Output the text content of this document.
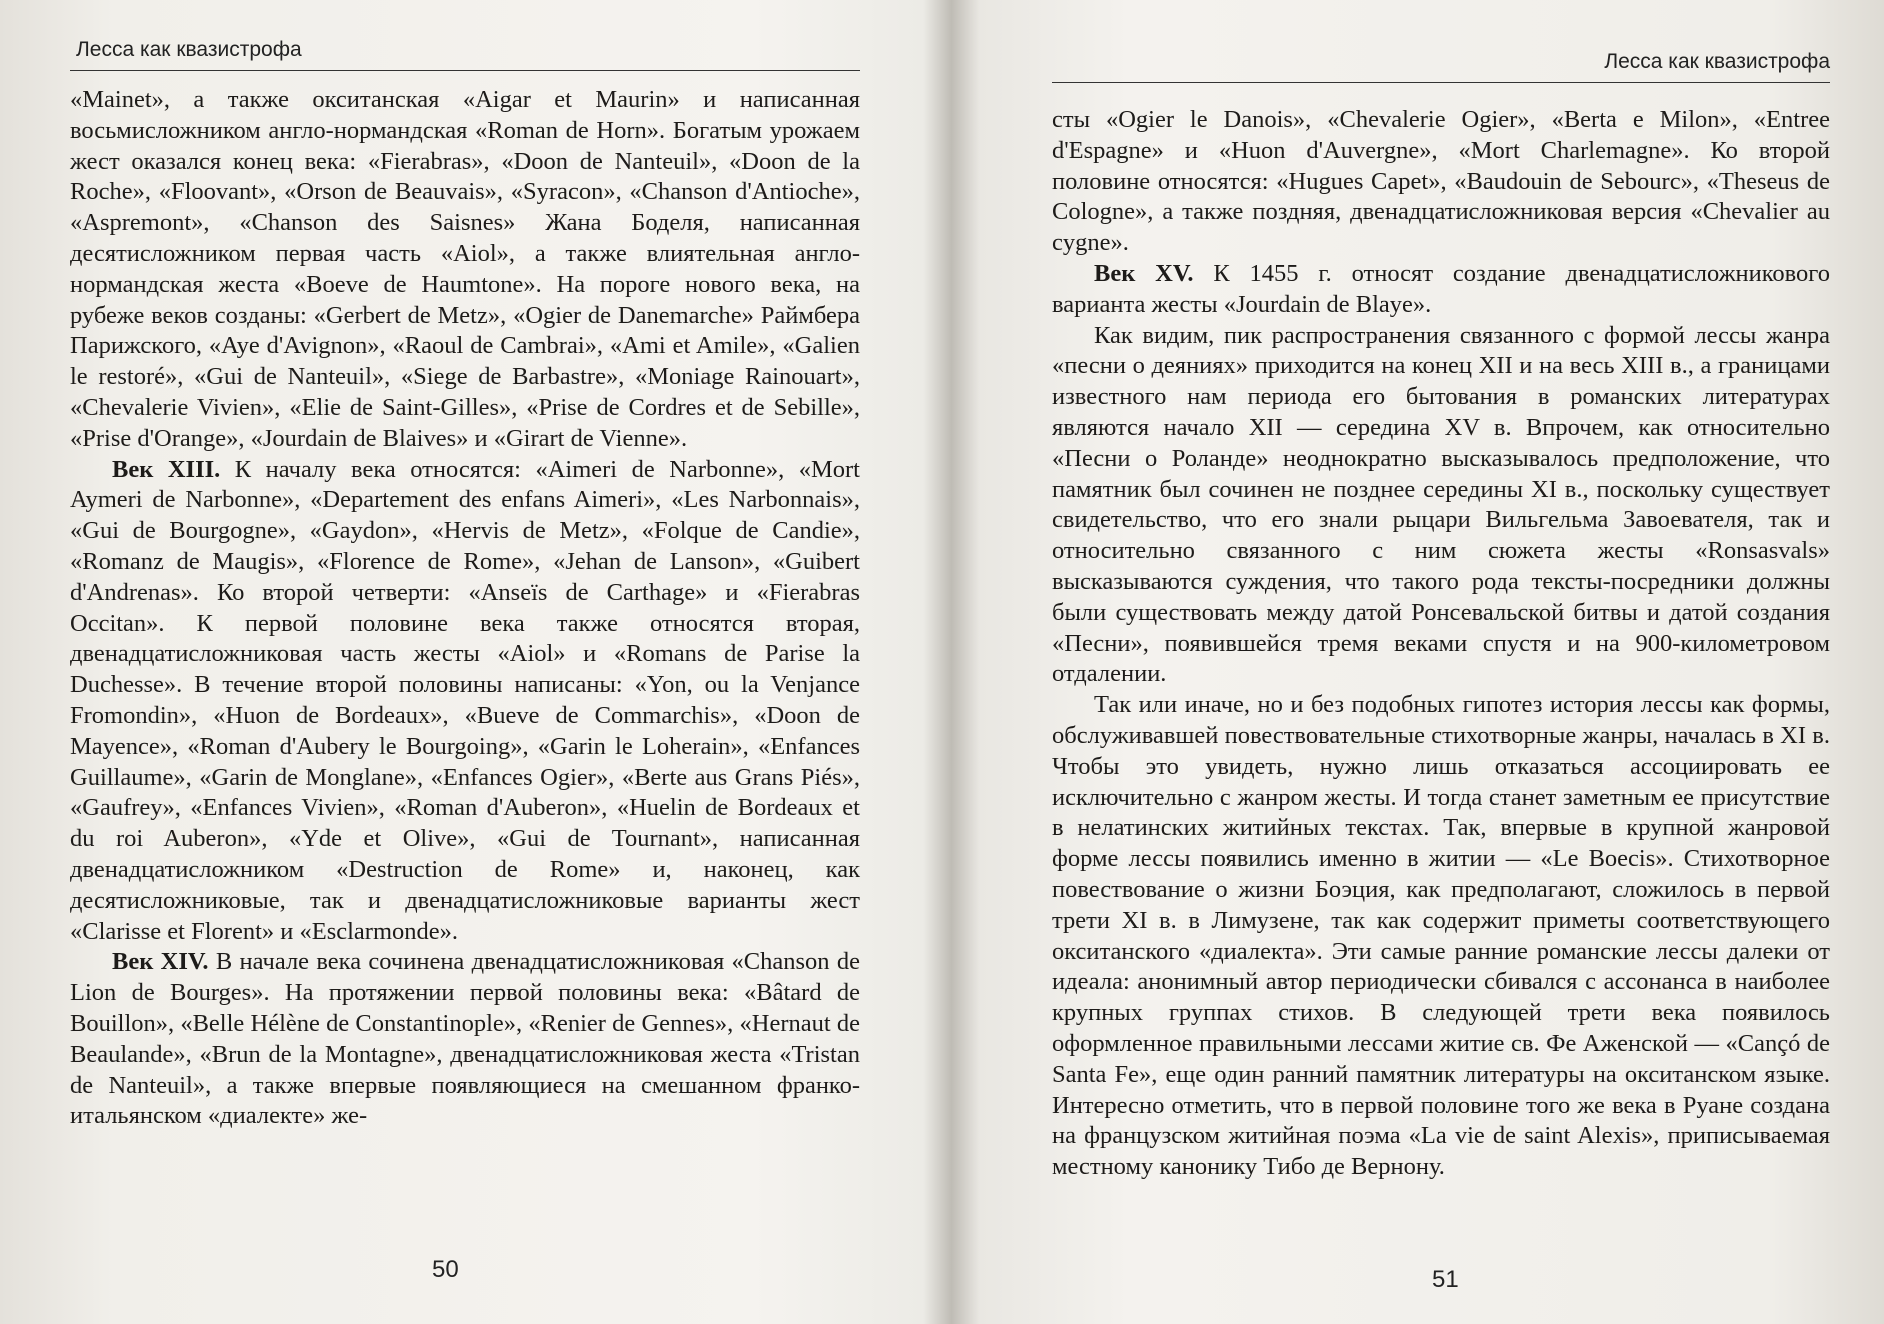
Лесса как квазистрофа

«Mainet», а также окситанская «Aigar et Maurin» и написанная восьмисложником англо-нормандская «Roman de Horn». Богатым урожаем жест оказался конец века: «Fierabras», «Doon de Nanteuil», «Doon de la Roche», «Floovant», «Orson de Beauvais», «Syracon», «Chanson d'Antioche», «Aspremont», «Chanson des Saisnes» Жана Боделя, написанная десятисложником первая часть «Aiol», а также влиятельная англо-нормандская жеста «Boeve de Haumtone». На пороге нового века, на рубеже веков созданы: «Gerbert de Metz», «Ogier de Danemarche» Раймбера Парижского, «Aye d'Avignon», «Raoul de Cambrai», «Ami et Amile», «Galien le restoré», «Gui de Nanteuil», «Siege de Barbastre», «Moniage Rainouart», «Chevalerie Vivien», «Elie de Saint-Gilles», «Prise de Cordres et de Sebille», «Prise d'Orange», «Jourdain de Blaives» и «Girart de Vienne».

Век XIII. К началу века относятся: «Aimeri de Narbonne», «Mort Aymeri de Narbonne», «Departement des enfans Aimeri», «Les Narbonnais», «Gui de Bourgogne», «Gaydon», «Hervis de Metz», «Folque de Candie», «Romanz de Maugis», «Florence de Rome», «Jehan de Lanson», «Guibert d'Andrenas». Ко второй четверти: «Anseïs de Carthage» и «Fierabras Occitan». К первой половине века также относятся вторая, двенадцатисложниковая часть жесты «Aiol» и «Romans de Parise la Duchesse». В течение второй половины написаны: «Yon, ou la Venjance Fromondin», «Huon de Bordeaux», «Bueve de Commarchis», «Doon de Mayence», «Roman d'Aubery le Bourgoing», «Garin le Loherain», «Enfances Guillaume», «Garin de Monglane», «Enfances Ogier», «Berte aus Grans Piés», «Gaufrey», «Enfances Vivien», «Roman d'Auberon», «Huelin de Bordeaux et du roi Auberon», «Yde et Olive», «Gui de Tournant», написанная двенадцатисложником «Destruction de Rome» и, наконец, как десятисложниковые, так и двенадцатисложниковые варианты жест «Clarisse et Florent» и «Esclarmonde».

Век XIV. В начале века сочинена двенадцатисложниковая «Chanson de Lion de Bourges». На протяжении первой половины века: «Bâtard de Bouillon», «Belle Hélène de Constantinople», «Renier de Gennes», «Hernaut de Beaulande», «Brun de la Montagne», двенадцатисложниковая жеста «Tristan de Nanteuil», а также впервые появляющиеся на смешанном франко-итальянском «диалекте» же-

50
Лесса как квазистрофа

сты «Ogier le Danois», «Chevalerie Ogier», «Berta e Milon», «Entree d'Espagne» и «Huon d'Auvergne», «Mort Charlemagne». Ко второй половине относятся: «Hugues Capet», «Baudouin de Sebourc», «Theseus de Cologne», а также поздняя, двенадцатисложниковая версия «Chevalier au cygne».

Век XV. К 1455 г. относят создание двенадцатисложникового варианта жесты «Jourdain de Blaye».

Как видим, пик распространения связанного с формой лессы жанра «песни о деяниях» приходится на конец XII и на весь XIII в., а границами известного нам периода его бытования в романских литературах являются начало XII — середина XV в. Впрочем, как относительно «Песни о Роланде» неоднократно высказывалось предположение, что памятник был сочинен не позднее середины XI в., поскольку существует свидетельство, что его знали рыцари Вильгельма Завоевателя, так и относительно связанного с ним сюжета жесты «Ronsasvals» высказываются суждения, что такого рода тексты-посредники должны были существовать между датой Ронсевальской битвы и датой создания «Песни», появившейся тремя веками спустя и на 900-километровом отдалении.

Так или иначе, но и без подобных гипотез история лессы как формы, обслуживавшей повествовательные стихотворные жанры, началась в XI в. Чтобы это увидеть, нужно лишь отказаться ассоциировать ее исключительно с жанром жесты. И тогда станет заметным ее присутствие в нелатинских житийных текстах. Так, впервые в крупной жанровой форме лессы появились именно в житии — «Le Boecis». Стихотворное повествование о жизни Боэция, как предполагают, сложилось в первой трети XI в. в Лимузене, так как содержит приметы соответствующего окситанского «диалекта». Эти самые ранние романские лессы далеки от идеала: анонимный автор периодически сбивался с ассонанса в наиболее крупных группах стихов. В следующей трети века появилось оформленное правильными лессами житие св. Фе Аженской — «Cançó de Santa Fe», еще один ранний памятник литературы на окситанском языке. Интересно отметить, что в первой половине того же века в Руане создана на французском житийная поэма «La vie de saint Alexis», приписываемая местному канонику Тибо де Вернону.

51
